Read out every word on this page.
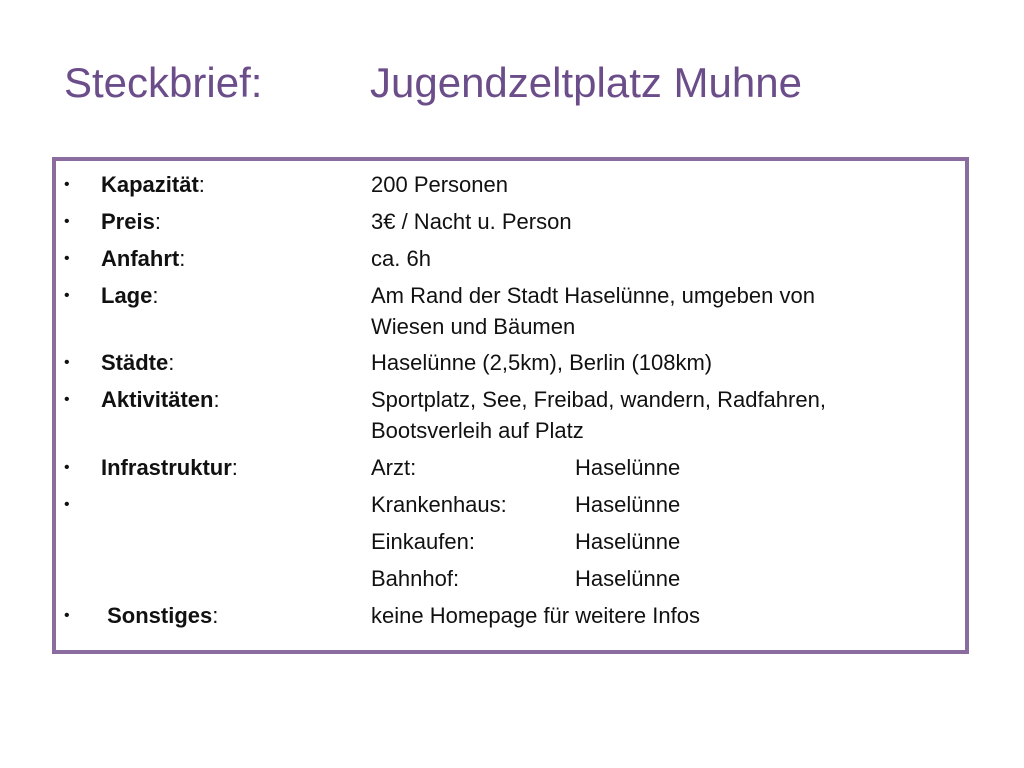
Steckbrief:	Jugendzeltplatz Muhne
• Kapazität:	200 Personen
• Preis:	3€ / Nacht u. Person
• Anfahrt:	ca. 6h
• Lage:	Am Rand der Stadt Haselünne, umgeben von
Wiesen und Bäumen
• Städte:	Haselünne (2,5km), Berlin (108km)
• Aktivitäten:	Sportplatz, See, Freibad, wandern, Radfahren,
Bootsverleih auf Platz
• Infrastruktur:	Arzt:	Haselünne
•	Krankenhaus:	Haselünne
Einkaufen:	Haselünne
Bahnhof:	Haselünne
• Sonstiges:	keine Homepage für weitere Infos
